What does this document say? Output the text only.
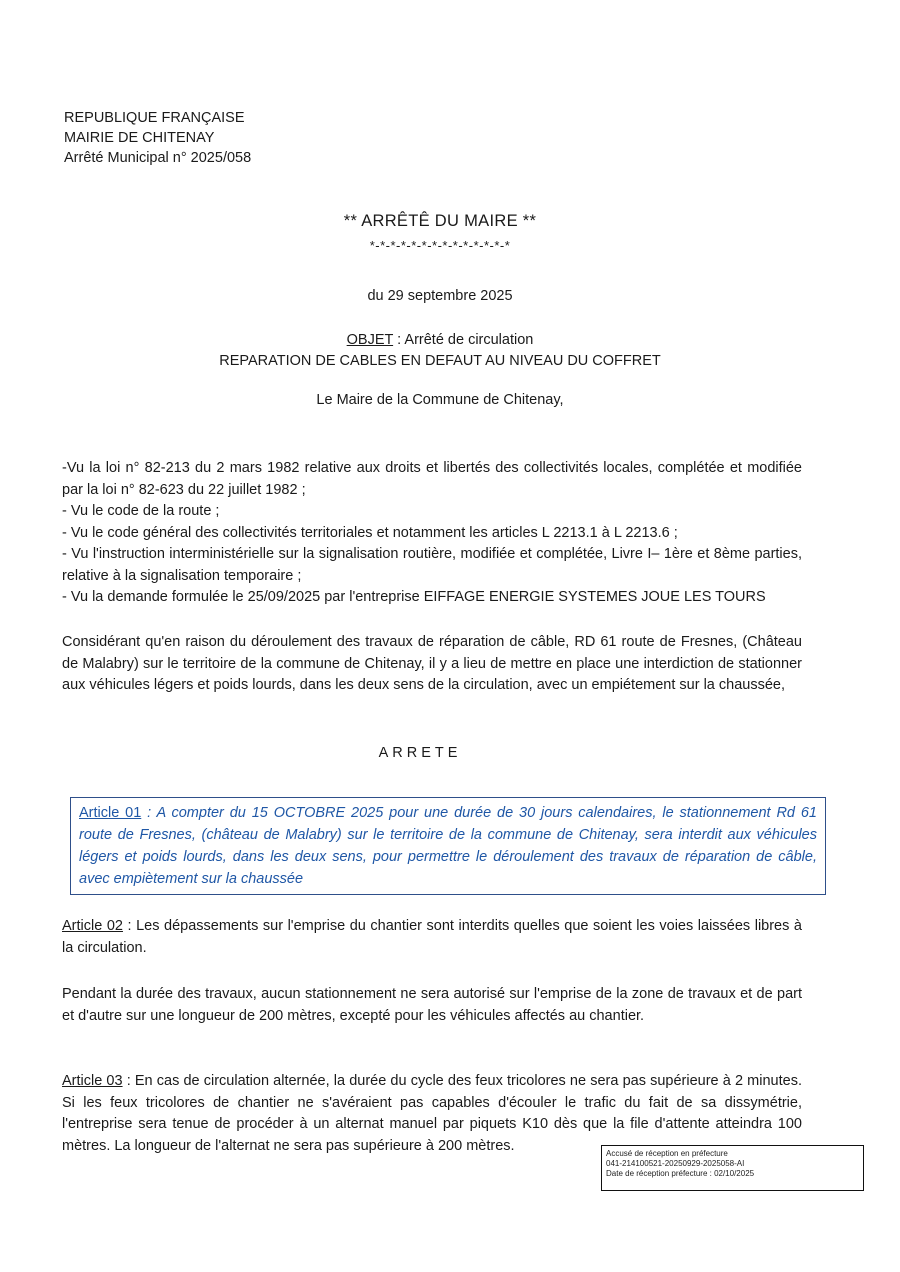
REPUBLIQUE FRANÇAISE
MAIRIE DE CHITENAY
Arrêté Municipal n° 2025/058
** ARRÊTÊ DU MAIRE **
*-*-*-*-*-*-*-*-*-*-*-*-*-*
du 29 septembre 2025
OBJET : Arrêté de circulation
REPARATION DE CABLES EN DEFAUT AU NIVEAU DU COFFRET
Le Maire de la Commune de Chitenay,

-Vu la loi n° 82-213 du 2 mars 1982 relative aux droits et libertés des collectivités locales, complétée et modifiée par la loi n° 82-623 du 22 juillet 1982 ;

- Vu le code de la route ;

- Vu le code général des collectivités territoriales et notamment les articles L 2213.1 à L 2213.6 ;

- Vu l'instruction interministérielle sur la signalisation routière, modifiée et complétée, Livre I– 1ère et 8ème parties, relative à la signalisation temporaire ;

- Vu la demande formulée le 25/09/2025 par l'entreprise EIFFAGE ENERGIE SYSTEMES JOUE LES TOURS

Considérant qu'en raison du déroulement des travaux de réparation de câble, RD 61 route de Fresnes, (Château de Malabry) sur le territoire de la commune de Chitenay, il y a lieu de mettre en place une interdiction de stationner aux véhicules légers et poids lourds, dans les deux sens de la circulation, avec un empiétement sur la chaussée,

ARRETE

Article 01 : A compter du 15 OCTOBRE 2025 pour une durée de 30 jours calendaires, le stationnement Rd 61 route de Fresnes, (château de Malabry) sur le territoire de la commune de Chitenay, sera interdit aux véhicules légers et poids lourds, dans les deux sens, pour permettre le déroulement des travaux de réparation de câble, avec empiètement sur la chaussée

Article 02 : Les dépassements sur l'emprise du chantier sont interdits quelles que soient les voies laissées libres à la circulation.

Pendant la durée des travaux, aucun stationnement ne sera autorisé sur l'emprise de la zone de travaux et de part et d'autre sur une longueur de 200 mètres, excepté pour les véhicules affectés au chantier.

Article 03 : En cas de circulation alternée, la durée du cycle des feux tricolores ne sera pas supérieure à 2 minutes. Si les feux tricolores de chantier ne s'avéraient pas capables d'écouler le trafic du fait de sa dissymétrie, l'entreprise sera tenue de procéder à un alternat manuel par piquets K10 dès que la file d'attente atteindra 100 mètres. La longueur de l'alternat ne sera pas supérieure à 200 mètres.	Accusé de réception en préfecture
041-214100521-20250929-2025058-AI
Date de réception préfecture : 02/10/2025
